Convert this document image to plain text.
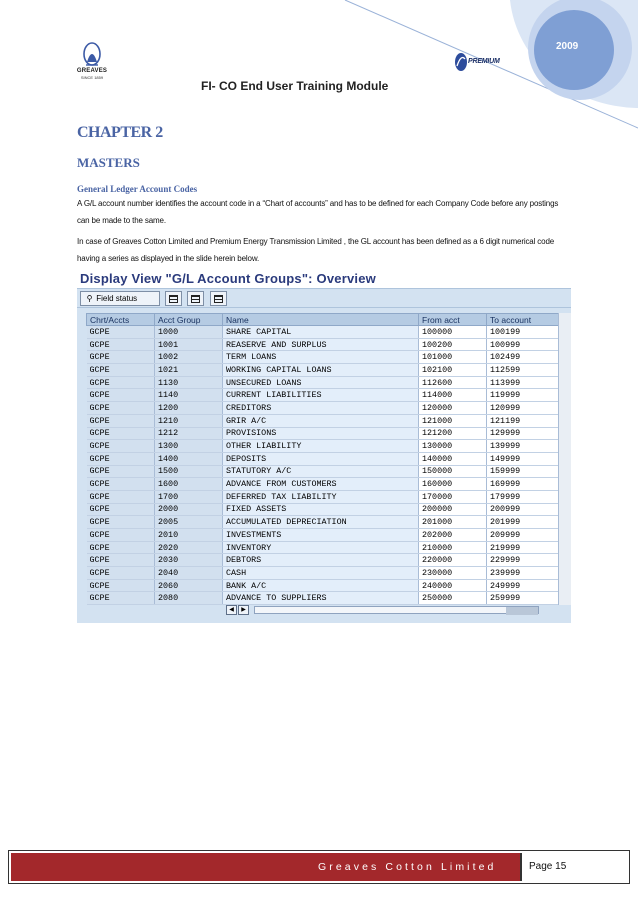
2009
GREAVES
SINCE 1859
PREMIUM
FI- CO End User Training Module
CHAPTER 2
MASTERS
General Ledger Account Codes
A G/L account number identifies the account code in a “Chart of accounts” and has to be defined for each Company Code before any postings can be made to the same.
In case of Greaves Cotton Limited and Premium Energy Transmission Limited , the GL account has been defined as a 6 digit numerical code having a series as displayed in the slide herein below.
Display View "G/L Account Groups": Overview
⚲ Field status
Chrt/Accts	Acct Group	Name	From acct	To account
GCPE	1000	SHARE CAPITAL	100000	100199
GCPE	1001	REASERVE AND SURPLUS	100200	100999
GCPE	1002	TERM LOANS	101000	102499
GCPE	1021	WORKING CAPITAL LOANS	102100	112599
GCPE	1130	UNSECURED LOANS	112600	113999
GCPE	1140	CURRENT LIABILITIES	114000	119999
GCPE	1200	CREDITORS	120000	120999
GCPE	1210	GRIR A/C	121000	121199
GCPE	1212	PROVISIONS	121200	129999
GCPE	1300	OTHER LIABILITY	130000	139999
GCPE	1400	DEPOSITS	140000	149999
GCPE	1500	STATUTORY A/C	150000	159999
GCPE	1600	ADVANCE FROM CUSTOMERS	160000	169999
GCPE	1700	DEFERRED TAX LIABILITY	170000	179999
GCPE	2000	FIXED ASSETS	200000	200999
GCPE	2005	ACCUMULATED DEPRECIATION	201000	201999
GCPE	2010	INVESTMENTS	202000	209999
GCPE	2020	INVENTORY	210000	219999
GCPE	2030	DEBTORS	220000	229999
GCPE	2040	CASH	230000	239999
GCPE	2060	BANK A/C	240000	249999
GCPE	2080	ADVANCE TO SUPPLIERS	250000	259999
◀	▶
Greaves Cotton Limited	Page 15
